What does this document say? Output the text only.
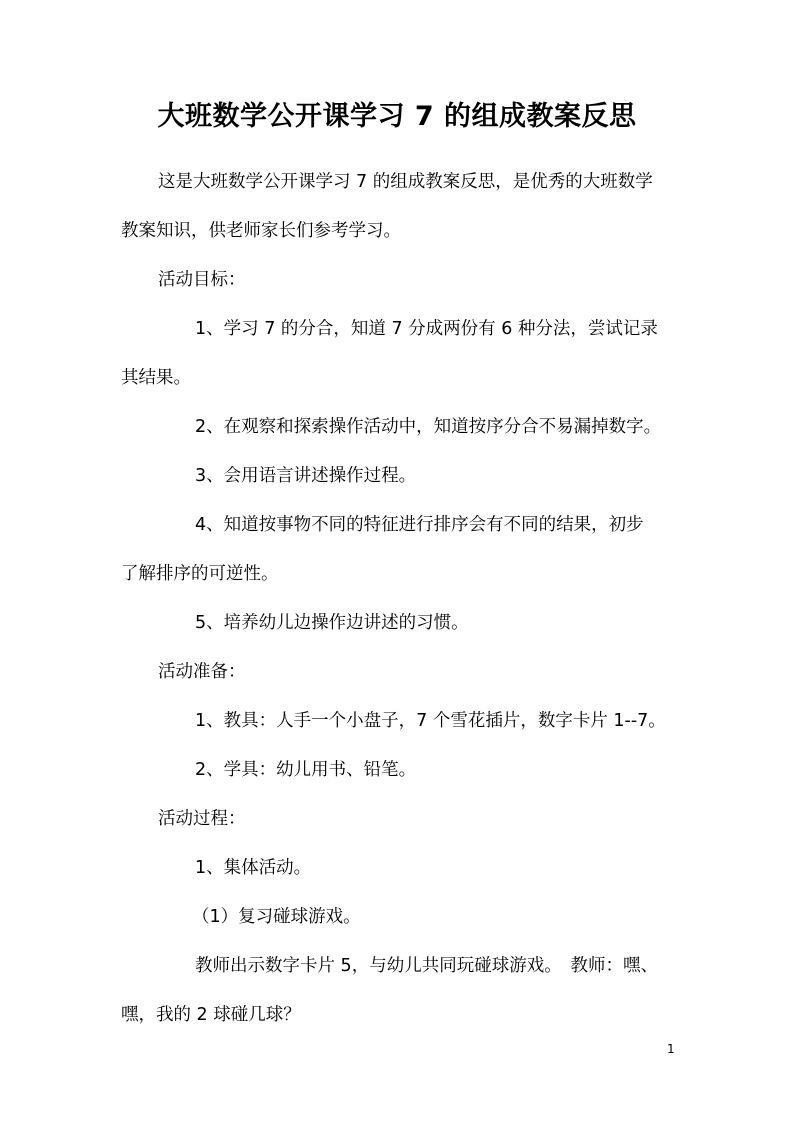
大班数学公开课学习 7 的组成教案反思
这是大班数学公开课学习 7 的组成教案反思，是优秀的大班数学
教案知识，供老师家长们参考学习。
活动目标：
1、学习 7 的分合，知道 7 分成两份有 6 种分法，尝试记录
其结果。
2、在观察和探索操作活动中，知道按序分合不易漏掉数字。
3、会用语言讲述操作过程。
4、知道按事物不同的特征进行排序会有不同的结果，初步
了解排序的可逆性。
5、培养幼儿边操作边讲述的习惯。
活动准备：
1、教具：人手一个小盘子，7 个雪花插片，数字卡片 1--7。
2、学具：幼儿用书、铅笔。
活动过程：
1、集体活动。
（1）复习碰球游戏。
教师出示数字卡片 5，与幼儿共同玩碰球游戏。　教师：嘿、
嘿，我的 2 球碰几球？
1
